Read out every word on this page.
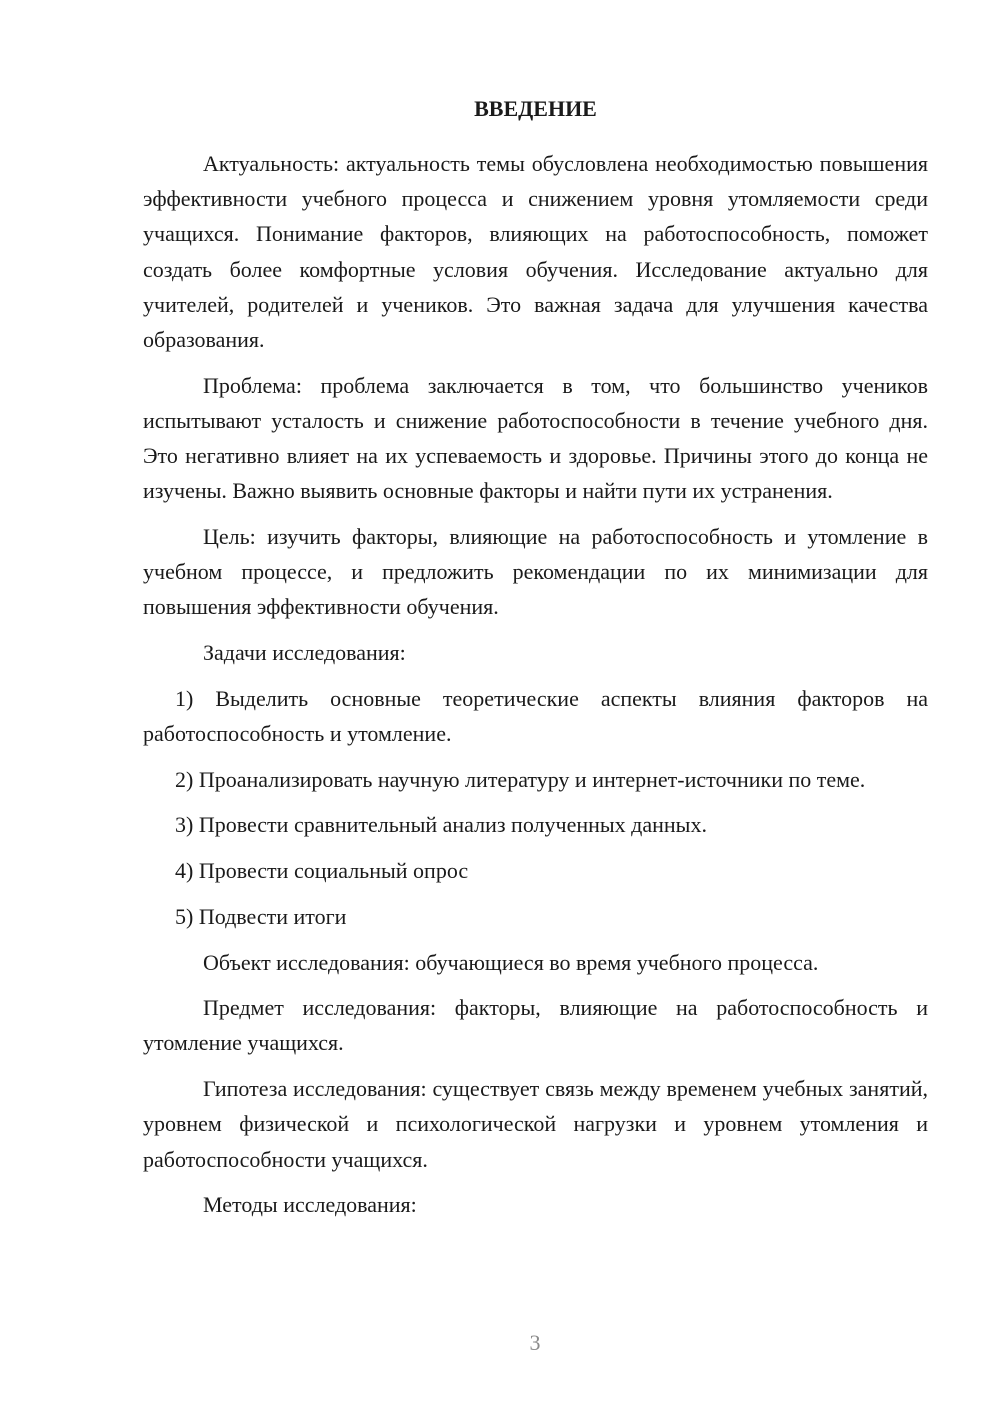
ВВЕДЕНИЕ

Актуальность: актуальность темы обусловлена необходимостью повышения эффективности учебного процесса и снижением уровня утомляемости среди учащихся. Понимание факторов, влияющих на работоспособность, поможет создать более комфортные условия обучения. Исследование актуально для учителей, родителей и учеников. Это важная задача для улучшения качества образования.

Проблема: проблема заключается в том, что большинство учеников испытывают усталость и снижение работоспособности в течение учебного дня. Это негативно влияет на их успеваемость и здоровье. Причины этого до конца не изучены. Важно выявить основные факторы и найти пути их устранения.

Цель: изучить факторы, влияющие на работоспособность и утомление в учебном процессе, и предложить рекомендации по их минимизации для повышения эффективности обучения.

Задачи исследования:

1) Выделить основные теоретические аспекты влияния факторов на работоспособность и утомление.

2) Проанализировать научную литературу и интернет-источники по теме.

3) Провести сравнительный анализ полученных данных.

4) Провести социальный опрос

5) Подвести итоги

Объект исследования: обучающиеся во время учебного процесса.

Предмет исследования: факторы, влияющие на работоспособность и утомление учащихся.

Гипотеза исследования: существует связь между временем учебных занятий, уровнем физической и психологической нагрузки и уровнем утомления и работоспособности учащихся.

Методы исследования:

3
